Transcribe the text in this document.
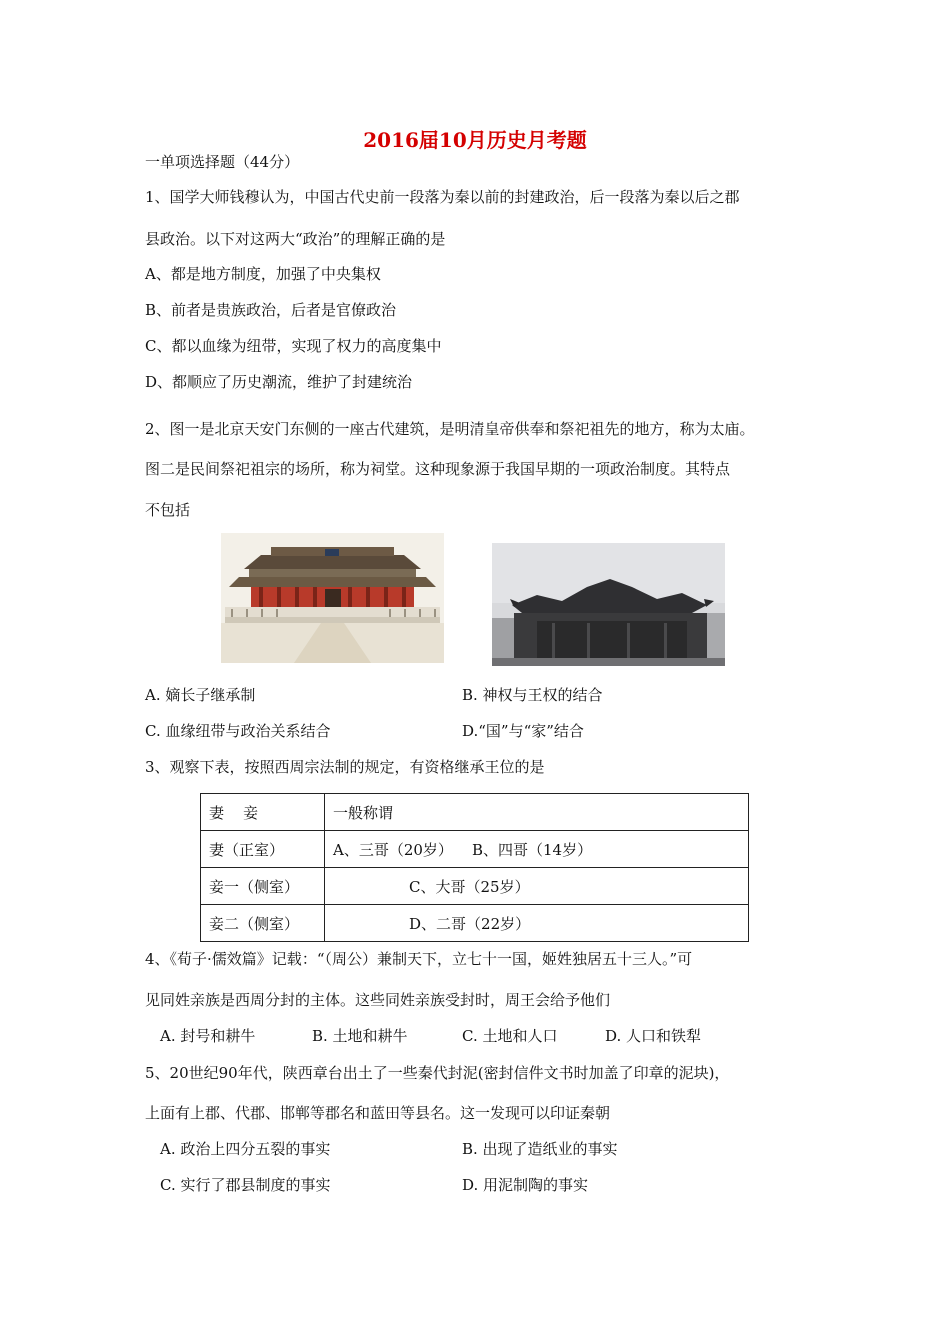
2016届10月历史月考题
一单项选择题（44分）
1、国学大师钱穆认为，中国古代史前一段落为秦以前的封建政治，后一段落为秦以后之郡
县政治。以下对这两大“政治”的理解正确的是
A、都是地方制度，加强了中央集权
B、前者是贵族政治，后者是官僚政治
C、都以血缘为纽带，实现了权力的高度集中
D、都顺应了历史潮流，维护了封建统治
2、图一是北京天安门东侧的一座古代建筑，是明清皇帝供奉和祭祀祖先的地方，称为太庙。
图二是民间祭祀祖宗的场所，称为祠堂。这种现象源于我国早期的一项政治制度。其特点
不包括
A. 嫡长子继承制	B. 神权与王权的结合
C. 血缘纽带与政治关系结合	D.“国”与“家”结合
3、观察下表，按照西周宗法制的规定，有资格继承王位的是
妻    妾	一般称谓
妻（正室）	A、三哥（20岁）    B、四哥（14岁）
妾一（侧室）	C、大哥（25岁）
妾二（侧室）	D、二哥（22岁）
4、《荀子·儒效篇》记载：“（周公）兼制天下，立七十一国，姬姓独居五十三人。”可
见同姓亲族是西周分封的主体。这些同姓亲族受封时，周王会给予他们
A. 封号和耕牛	B. 土地和耕牛	C. 土地和人口	D. 人口和铁犁
5、20世纪90年代，陕西章台出土了一些秦代封泥(密封信件文书时加盖了印章的泥块)，
上面有上郡、代郡、邯郸等郡名和蓝田等县名。这一发现可以印证秦朝
A. 政治上四分五裂的事实	B. 出现了造纸业的事实
C. 实行了郡县制度的事实	D. 用泥制陶的事实
